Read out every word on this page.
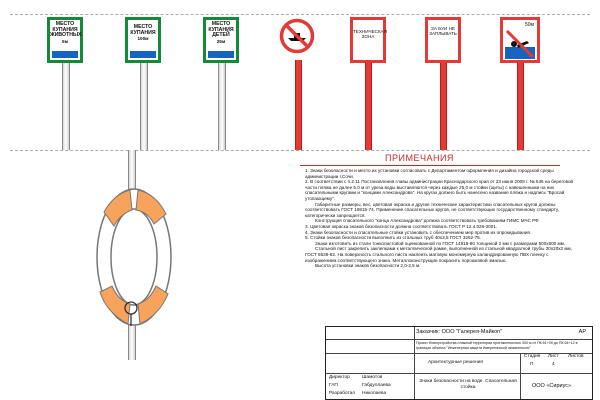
МЕСТО КУПАНИЯ ЖИВОТНЫХ
5м
МЕСТО КУПАНИЯ
100м
МЕСТО КУПАНИЯ ДЕТЕЙ
25м
ТЕХНИЧЕСКАЯ ЗОНА
ЗА БУИ НЕ ЗАПЛЫВАТЬ
50м
ПРИМЕЧАНИЯ
1. Знаки безопасности и место их установки согласовать с Департаментом оформления и дизайна городской среды администрации г.Сочи.
2. В соответствии с п.2.11 Постановления главы администрации Краснодарского края от 23 июня 2008 г. № 536 на береговой части пляжа не далее 5.0 м от уреза воды выставляются через каждые 25,0 м стойки (щиты) с навешенными на них спасательными кругами и "концами Александрова". На кругах должно быть нанесено название пляжа и надпись "Бросай утопающему".
Габаритные размеры, вес, цветовая окраска и другие технические характеристики спасательных кругов должны соответствовать ГОСТ 19815-74. Применение спасательных кругов, не соответствующих государственному стандарту, категорически запрещается.
Конструкция спасательного "конца Александрова" должна соответствовать требованиям ГИМС МЧС РФ
3. Цветовая окраска знаков безопасности должна соответствовать ГОСТ Р 12.4.026-2001.
4. Знаки безопасности и спасательные стойки установить с обеспечением мер против их опрокидывания.
5. Стойки знаков безопасности выполнить из стальных труб 40х3,5 ГОСТ 3262-75.
Знаки изготовить из стали тонколистовой оцинкованной по ГОСТ 14918-80 толщиной 2 мм с размерами 500х600 мм.
Стальной лист закрепить заклепками к металлической рамке, выполненной из стальной квадратной трубы 20х20х2 мм, ГОСТ 8639-82. На поверхность стального листа наклеить матовую мономерную каландрированную ПВХ пленку с изображением соответствующего знака. Металлоконструкции покрасить порошковой эмалью.
Высота установки знаков безопасности 2,0-2,5 м.
Заказчик: ООО "Галерея-Майкоп"	АР
Проект благоустройства пляжной территории протяженностью 300 м от ПК 61+09 до ПК 64+12 в границах объекта "Инженерная защита Имеретинской низменности"
Стадия Лист Листов
Архитектурные решения	П	4
Директор	Шамотов
ГАП	Габдуллаева
Разработал Николаева
Знаки безопасности на воде. Спасательная стойка	ООО «Сириус»
